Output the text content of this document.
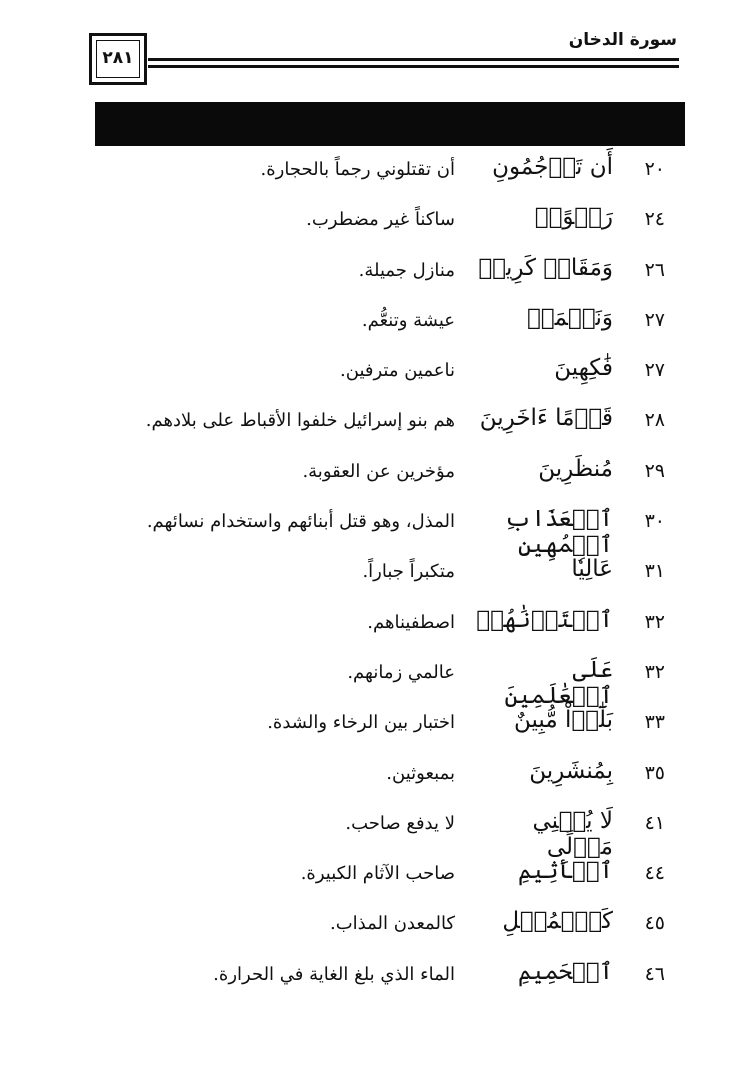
سورة الدخان
٢٨١
٢٠
أَن تَرۡجُمُونِ
أن تقتلوني رجماً بالحجارة.
٢٤
رَهۡوًاۖ
ساكناً غير مضطرب.
٢٦
وَمَقَامٖ كَرِيمٖ
منازل جميلة.
٢٧
وَنَعۡمَةٖ
عيشة وتنعُّم.
٢٧
فَٰكِهِينَ
ناعمين مترفين.
٢٨
قَوۡمًا ءَاخَرِينَ
هم بنو إسرائيل خلفوا الأقباط على بلادهم.
٢٩
مُنظَرِينَ
مؤخرين عن العقوبة.
٣٠
ٱلۡعَذَابِ ٱلۡمُهِينِ
المذل، وهو قتل أبنائهم واستخدام نسائهم.
٣١
عَالِيٗا
متكبراً جباراً.
٣٢
ٱخۡتَرۡنَٰهُمۡ
اصطفيناهم.
٣٢
عَلَى ٱلۡعَٰلَمِينَ
عالمي زمانهم.
٣٣
بَلَٰٓؤٞاْ مُّبِينٌ
اختبار بين الرخاء والشدة.
٣٥
بِمُنشَرِينَ
بمبعوثين.
٤١
لَا يُغۡنِي مَوۡلًى
لا يدفع صاحب.
٤٤
ٱلۡأَثِيمِ
صاحب الآثام الكبيرة.
٤٥
كَٱلۡمُهۡلِ
كالمعدن المذاب.
٤٦
ٱلۡحَمِيمِ
الماء الذي بلغ الغاية في الحرارة.
